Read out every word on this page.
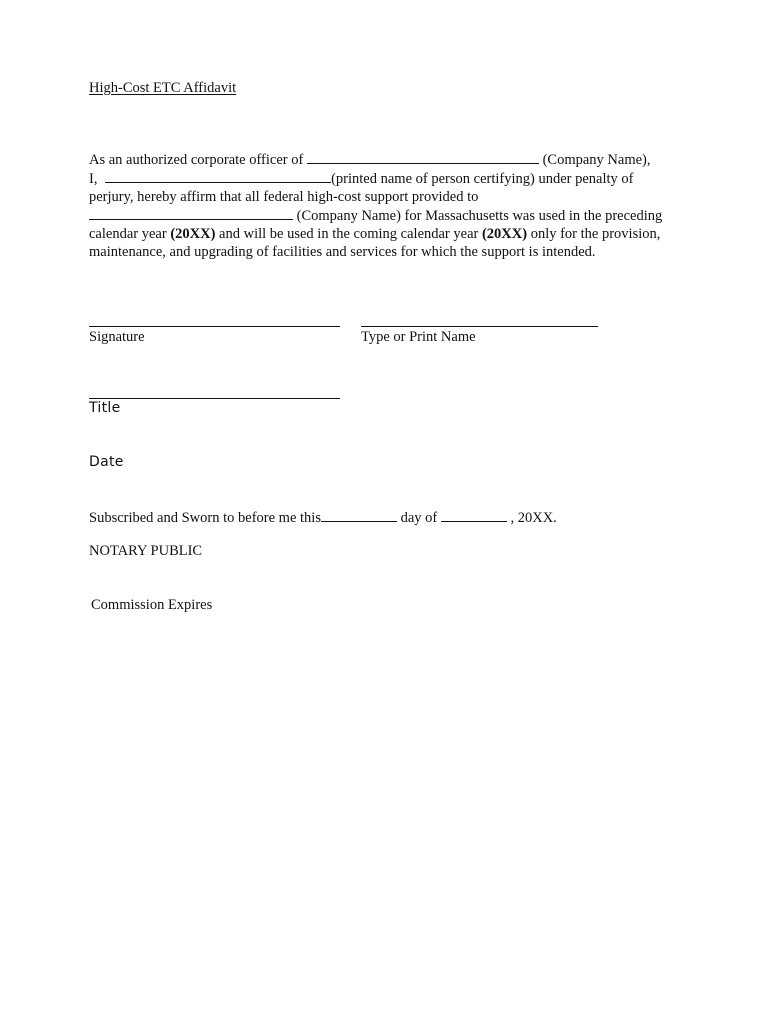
High-Cost ETC Affidavit
As an authorized corporate officer of	(Company Name),
I,	(printed name of person certifying) under penalty of
perjury, hereby affirm that all federal high-cost support provided to
(Company Name) for Massachusetts was used in the preceding
calendar year (20XX) and will be used in the coming calendar year (20XX) only for the provision,
maintenance, and upgrading of facilities and services for which the support is intended.
Signature	Type or Print Name
Title
Date
Subscribed and Sworn to before me this	day of	, 20XX.
NOTARY PUBLIC
Commission Expires
